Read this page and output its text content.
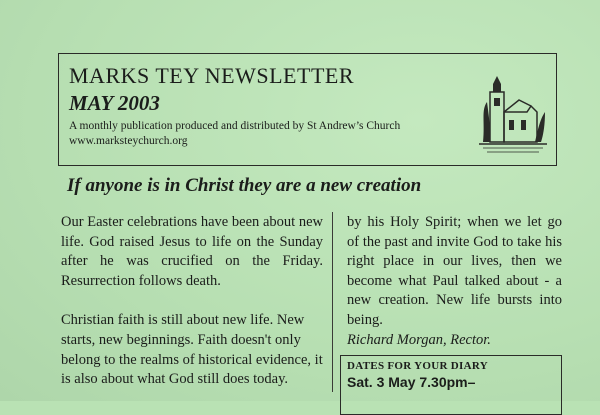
MARKS TEY NEWSLETTER
MAY 2003
A monthly publication produced and distributed by St Andrew’s Church
www.marksteychurch.org
If anyone is in Christ they are a new creation

Our Easter celebrations have been about new life. God raised Jesus to life on the Sunday after he was crucified on the Friday. Resurrection follows death.

Christian faith is still about new life. New starts, new beginnings. Faith doesn't only belong to the realms of historical evidence, it is also about what God still does today.

by his Holy Spirit; when we let go of the past and invite God to take his right place in our lives, then we become what Paul talked about - a new creation. New life bursts into being.

Richard Morgan, Rector.

DATES FOR YOUR DIARY
Sat. 3 May 7.30pm–
